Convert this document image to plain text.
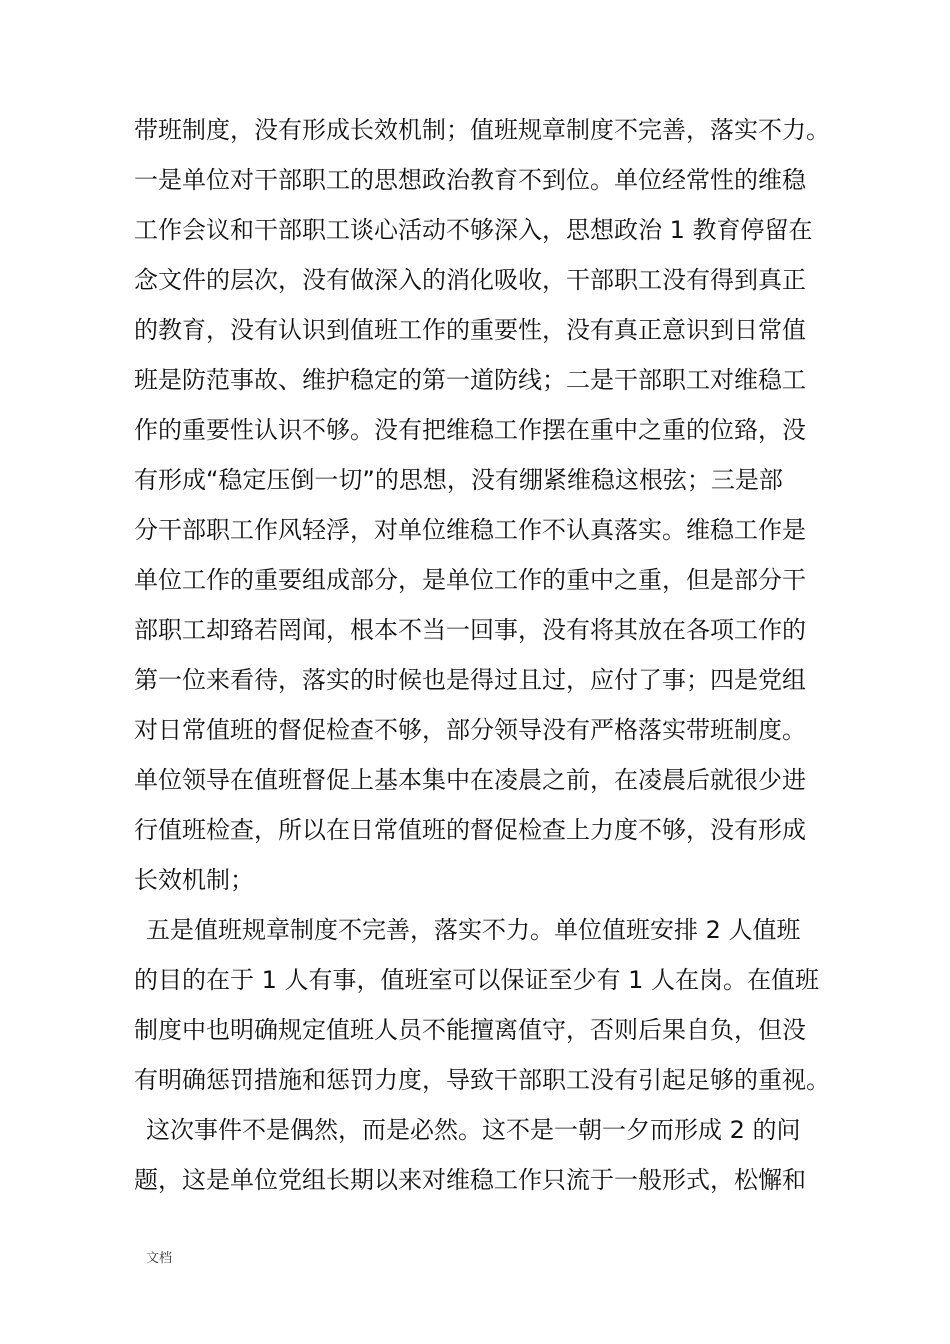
带班制度，没有形成长效机制；值班规章制度不完善，落实不力。
一是单位对干部职工的思想政治教育不到位。单位经常性的维稳
工作会议和干部职工谈心活动不够深入，思想政治 1 教育停留在
念文件的层次，没有做深入的消化吸收，干部职工没有得到真正
的教育，没有认识到值班工作的重要性，没有真正意识到日常值
班是防范事故、维护稳定的第一道防线；二是干部职工对维稳工
作的重要性认识不够。没有把维稳工作摆在重中之重的位臵，没
有形成“稳定压倒一切”的思想，没有绷紧维稳这根弦；三是部
分干部职工作风轻浮，对单位维稳工作不认真落实。维稳工作是
单位工作的重要组成部分，是单位工作的重中之重，但是部分干
部职工却臵若罔闻，根本不当一回事，没有将其放在各项工作的
第一位来看待，落实的时候也是得过且过，应付了事；四是党组
对日常值班的督促检查不够，部分领导没有严格落实带班制度。
单位领导在值班督促上基本集中在凌晨之前，在凌晨后就很少进
行值班检查，所以在日常值班的督促检查上力度不够，没有形成
长效机制；
五是值班规章制度不完善，落实不力。单位值班安排 2 人值班
的目的在于 1 人有事，值班室可以保证至少有 1 人在岗。在值班
制度中也明确规定值班人员不能擅离值守，否则后果自负，但没
有明确惩罚措施和惩罚力度，导致干部职工没有引起足够的重视。
这次事件不是偶然，而是必然。这不是一朝一夕而形成 2 的问
题，这是单位党组长期以来对维稳工作只流于一般形式，松懈和
文档
